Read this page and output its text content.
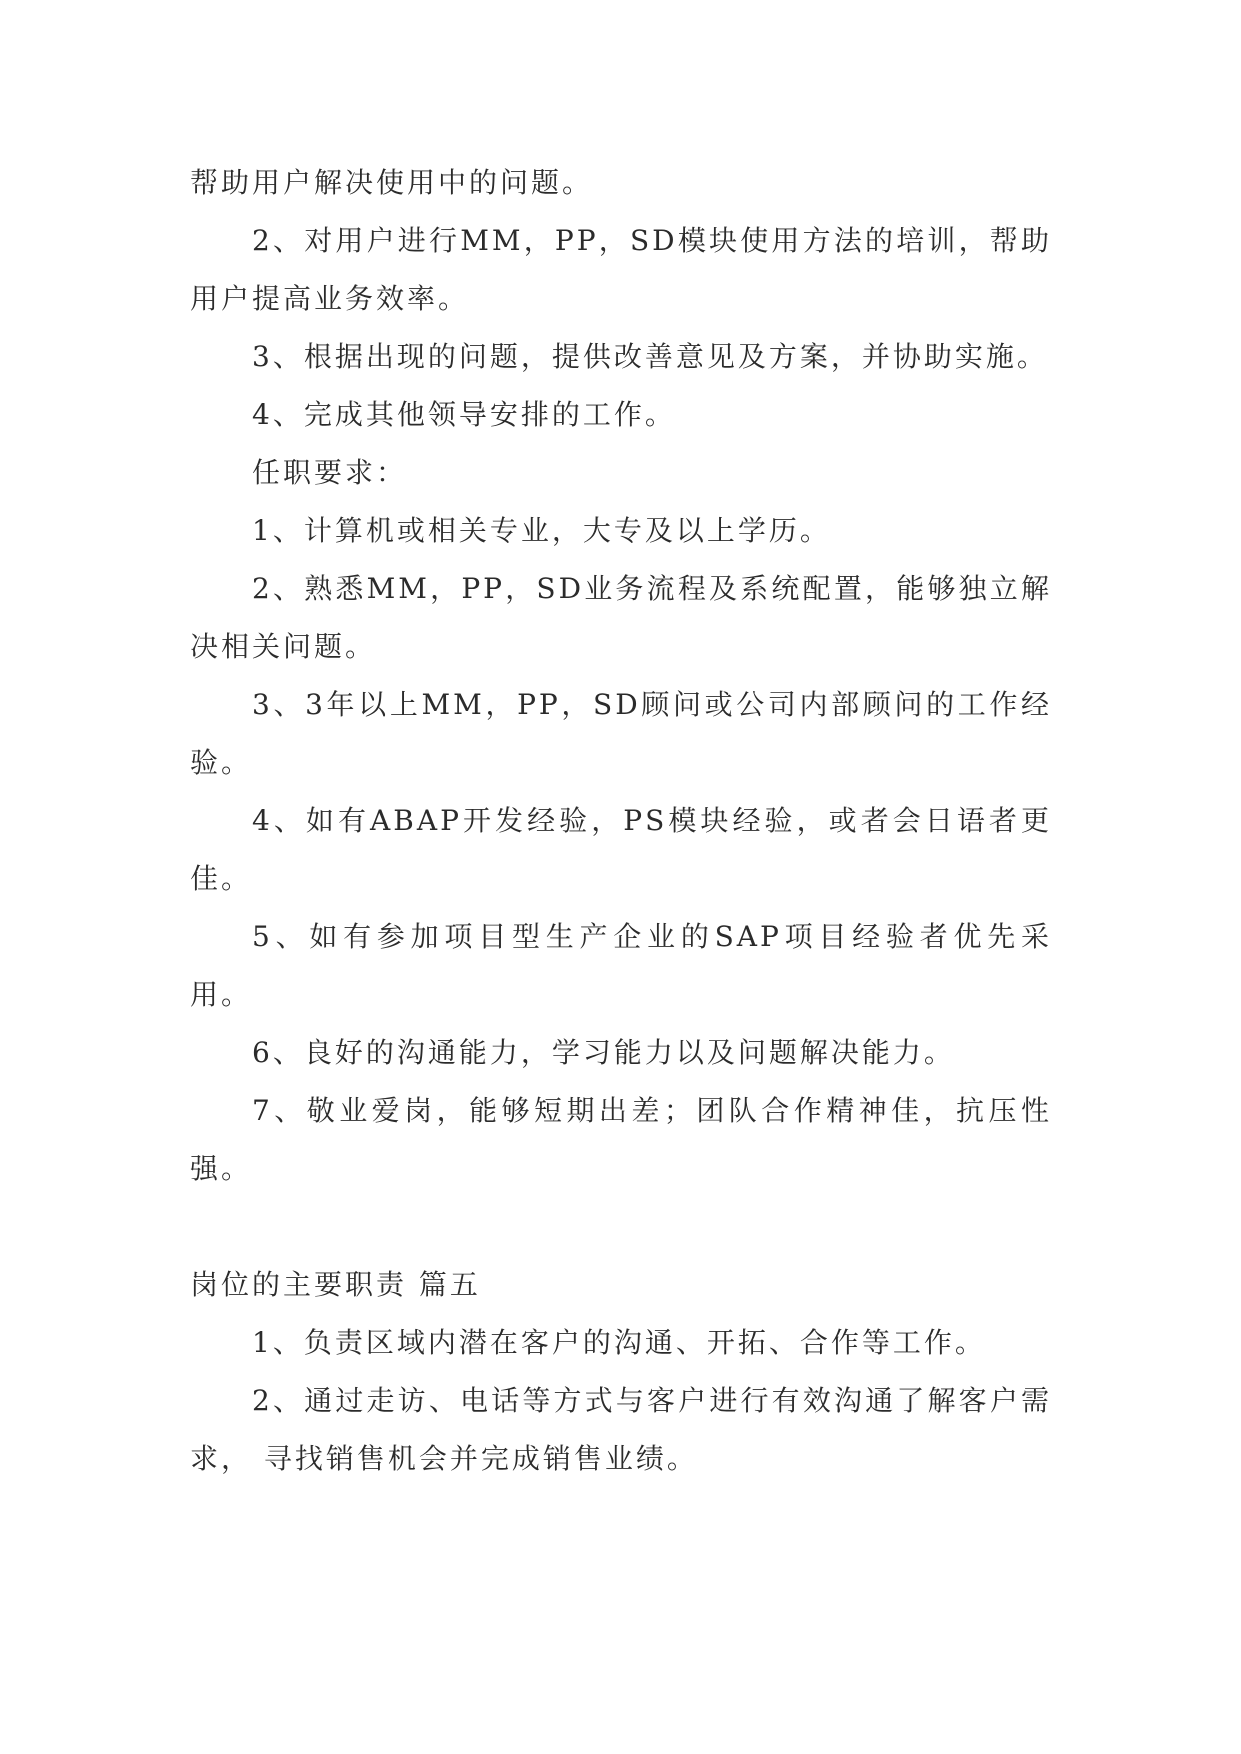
帮助用户解决使用中的问题。

2、对用户进行MM，PP，SD模块使用方法的培训，帮助用户提高业务效率。

3、根据出现的问题，提供改善意见及方案，并协助实施。

4、完成其他领导安排的工作。

任职要求：

1、计算机或相关专业，大专及以上学历。

2、熟悉MM，PP，SD业务流程及系统配置，能够独立解决相关问题。

3、3年以上MM，PP，SD顾问或公司内部顾问的工作经验。

4、如有ABAP开发经验，PS模块经验，或者会日语者更佳。

5、如有参加项目型生产企业的SAP项目经验者优先采用。

6、良好的沟通能力，学习能力以及问题解决能力。

7、敬业爱岗，能够短期出差；团队合作精神佳，抗压性强。

岗位的主要职责 篇五

1、负责区域内潜在客户的沟通、开拓、合作等工作。

2、通过走访、电话等方式与客户进行有效沟通了解客户需求， 寻找销售机会并完成销售业绩。
